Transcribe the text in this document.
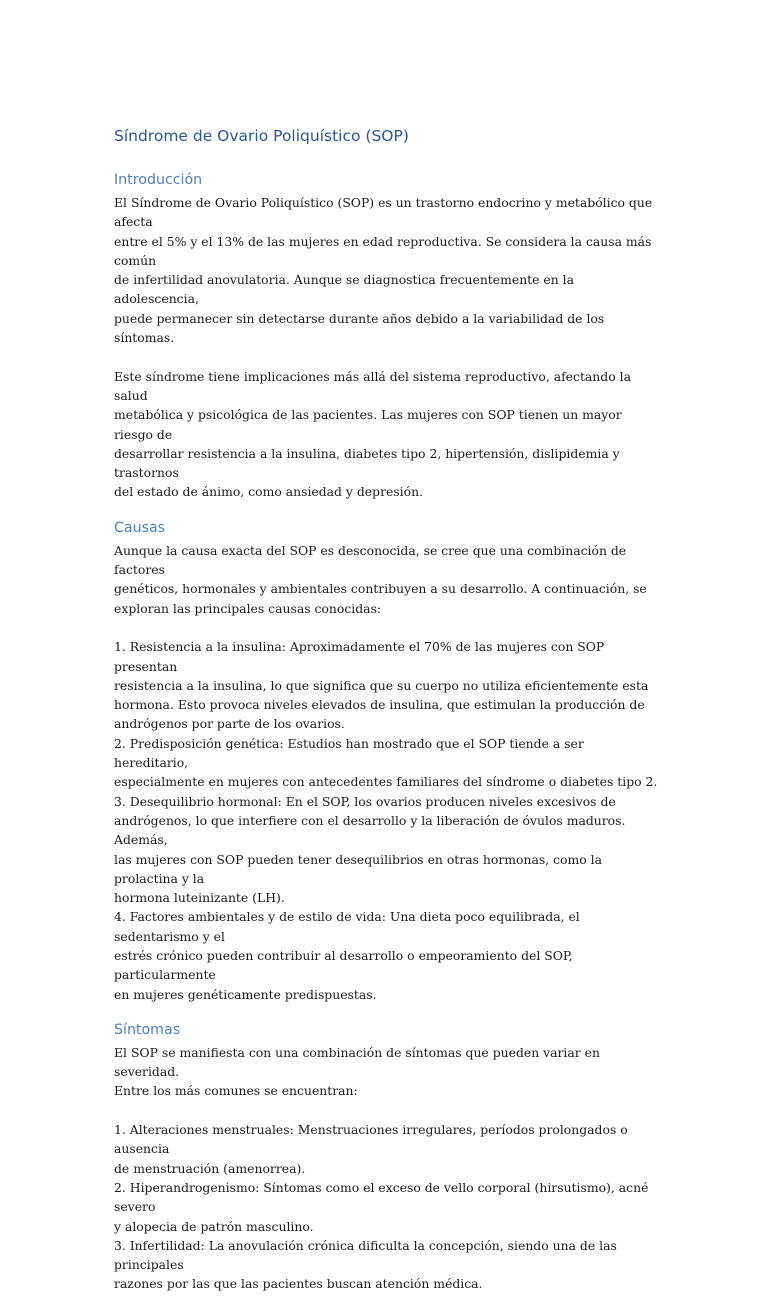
Síndrome de Ovario Poliquístico (SOP)
Introducción

El Síndrome de Ovario Poliquístico (SOP) es un trastorno endocrino y metabólico que afecta
entre el 5% y el 13% de las mujeres en edad reproductiva. Se considera la causa más común
de infertilidad anovulatoria. Aunque se diagnostica frecuentemente en la adolescencia,
puede permanecer sin detectarse durante años debido a la variabilidad de los síntomas.

Este síndrome tiene implicaciones más allá del sistema reproductivo, afectando la salud
metabólica y psicológica de las pacientes. Las mujeres con SOP tienen un mayor riesgo de
desarrollar resistencia a la insulina, diabetes tipo 2, hipertensión, dislipidemia y trastornos
del estado de ánimo, como ansiedad y depresión.

Causas

Aunque la causa exacta del SOP es desconocida, se cree que una combinación de factores
genéticos, hormonales y ambientales contribuyen a su desarrollo. A continuación, se
exploran las principales causas conocidas:

1. Resistencia a la insulina: Aproximadamente el 70% de las mujeres con SOP presentan
resistencia a la insulina, lo que significa que su cuerpo no utiliza eficientemente esta
hormona. Esto provoca niveles elevados de insulina, que estimulan la producción de
andrógenos por parte de los ovarios.
2. Predisposición genética: Estudios han mostrado que el SOP tiende a ser hereditario,
especialmente en mujeres con antecedentes familiares del síndrome o diabetes tipo 2.
3. Desequilibrio hormonal: En el SOP, los ovarios producen niveles excesivos de
andrógenos, lo que interfiere con el desarrollo y la liberación de óvulos maduros. Además,
las mujeres con SOP pueden tener desequilibrios en otras hormonas, como la prolactina y la
hormona luteinizante (LH).
4. Factores ambientales y de estilo de vida: Una dieta poco equilibrada, el sedentarismo y el
estrés crónico pueden contribuir al desarrollo o empeoramiento del SOP, particularmente
en mujeres genéticamente predispuestas.

Síntomas

El SOP se manifiesta con una combinación de síntomas que pueden variar en severidad.
Entre los más comunes se encuentran:

1. Alteraciones menstruales: Menstruaciones irregulares, períodos prolongados o ausencia
de menstruación (amenorrea).
2. Hiperandrogenismo: Síntomas como el exceso de vello corporal (hirsutismo), acné severo
y alopecia de patrón masculino.
3. Infertilidad: La anovulación crónica dificulta la concepción, siendo una de las principales
razones por las que las pacientes buscan atención médica.
